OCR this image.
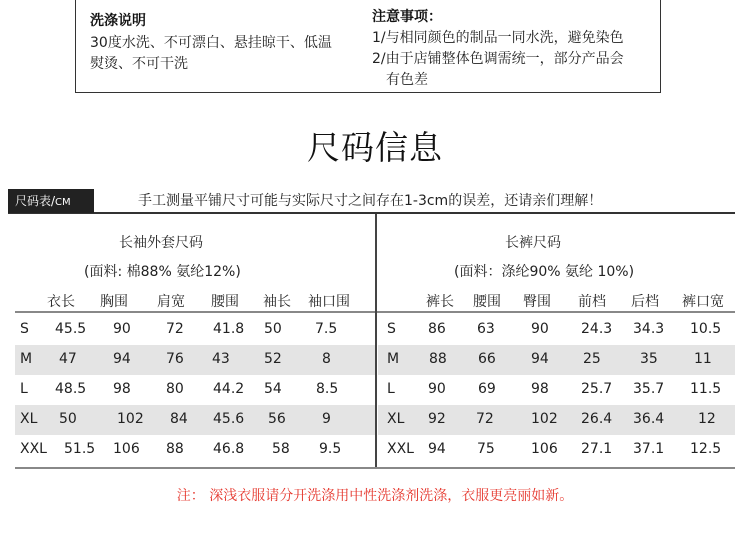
洗涤说明
30度水洗、不可漂白、悬挂晾干、低温
熨烫、不可干洗
注意事项：
1/与相同颜色的制品一同水洗，避免染色
2/由于店铺整体色调需统一，部分产品会
有色差
尺码信息
尺码表/CM	手工测量平铺尺寸可能与实际尺寸之间存在1-3cm的误差，还请亲们理解！
长袖外套尺码
(面料: 棉88% 氨纶12%)
长裤尺码
(面料：涤纶90% 氨纶 10%)
衣长 胸围 肩宽 腰围 袖长 袖口围
S 45.5 90	72 41.8 50 7.5
M 47	94	76 43 52	8
L 48.5 98	80 44.2 54 8.5
XL 50	102 84 45.6 56	9
XXL 51.5 106 88 46.8 58 9.5
裤长 腰围 臀围 前档 后档 裤口宽
S 86 63	90 24.3 34.3 10.5
M 88 66	94 25	35	11
L 90 69	98 25.7 35.7 11.5
XL 92 72	102 26.4 36.4 12
XXL 94 75	106 27.1 37.1 12.5
注： 深浅衣服请分开洗涤用中性洗涤剂洗涤，衣服更亮丽如新。
